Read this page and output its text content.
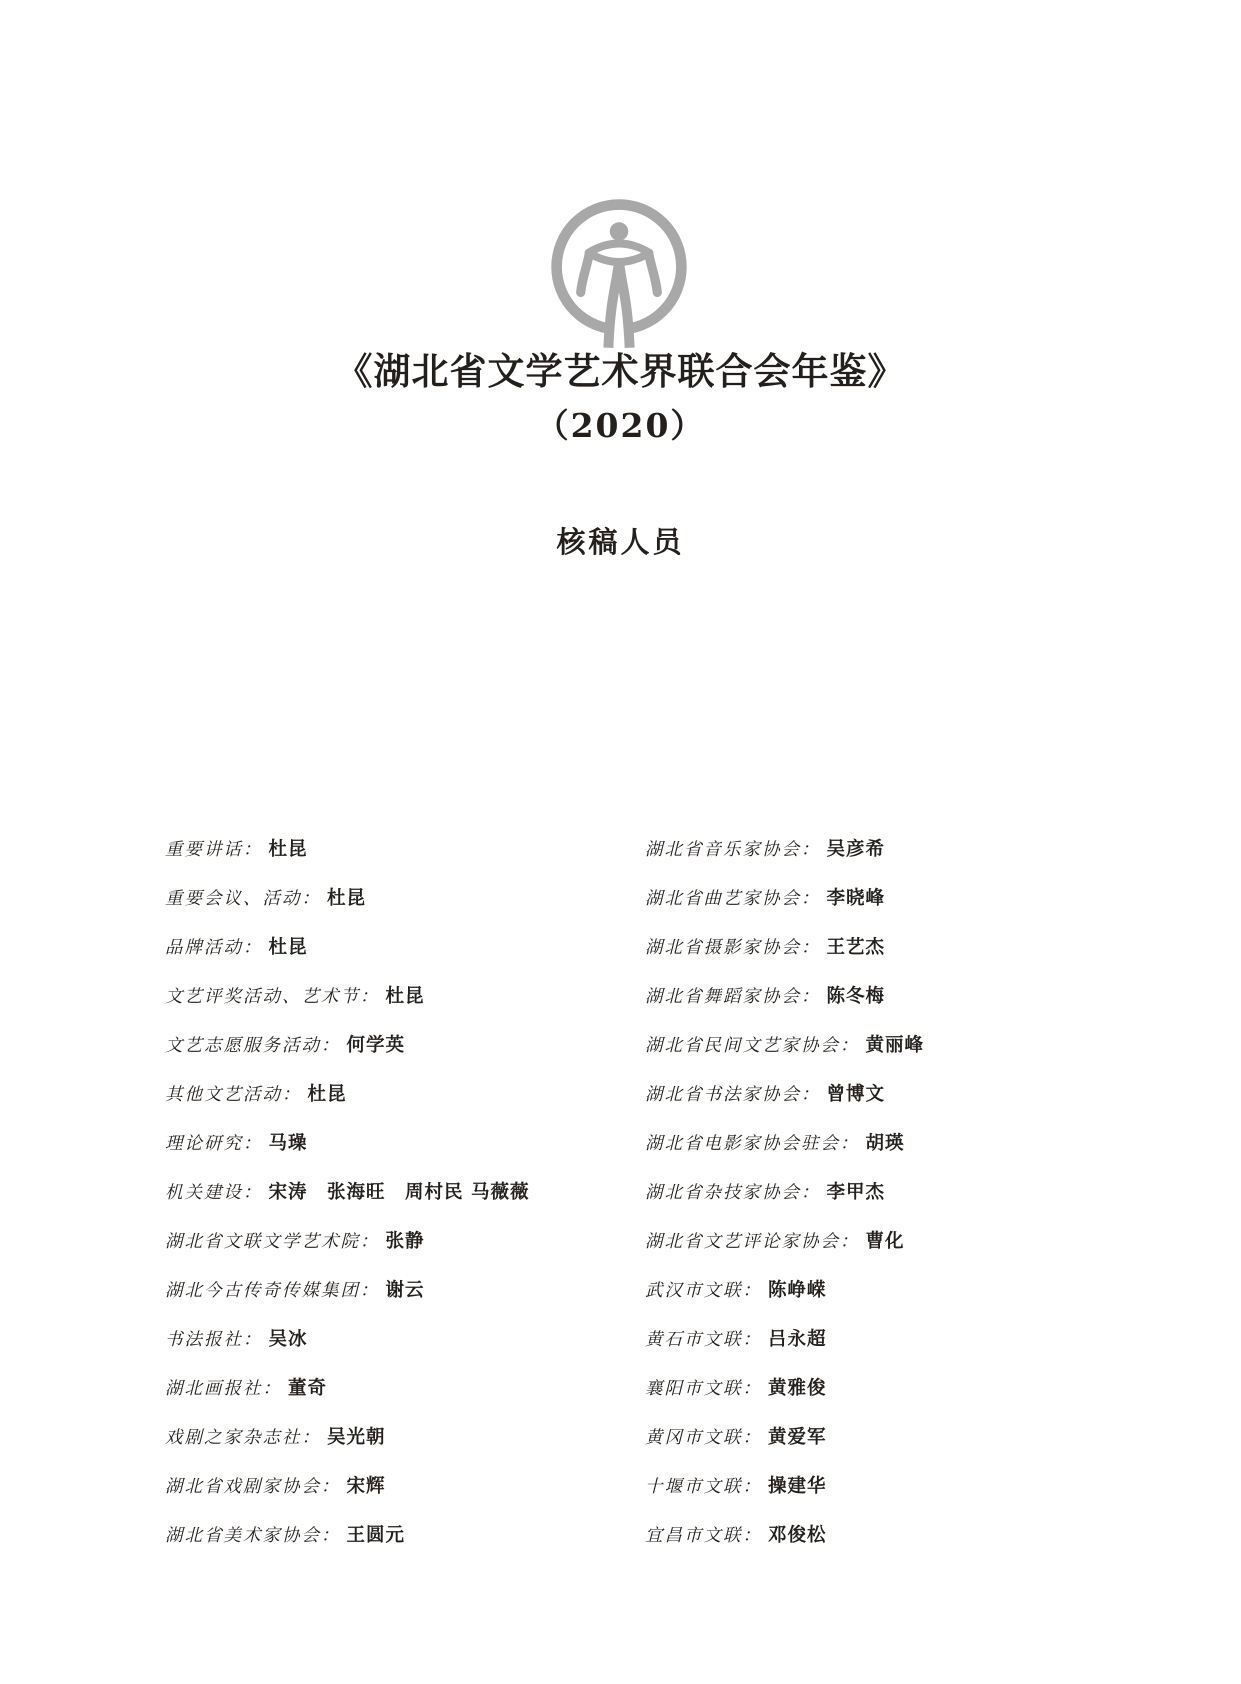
《湖北省文学艺术界联合会年鉴》
（2020）
核稿人员
重要讲话： 杜昆
重要会议、活动： 杜昆
品牌活动： 杜昆
文艺评奖活动、艺术节： 杜昆
文艺志愿服务活动： 何学英
其他文艺活动： 杜昆
理论研究： 马璪
机关建设： 宋涛　张海旺　周村民 马薇薇
湖北省文联文学艺术院： 张静
湖北今古传奇传媒集团： 谢云
书法报社： 吴冰
湖北画报社： 董奇
戏剧之家杂志社： 吴光朝
湖北省戏剧家协会： 宋辉
湖北省美术家协会： 王圆元
湖北省音乐家协会： 吴彦希
湖北省曲艺家协会： 李晓峰
湖北省摄影家协会： 王艺杰
湖北省舞蹈家协会： 陈冬梅
湖北省民间文艺家协会： 黄丽峰
湖北省书法家协会： 曾博文
湖北省电影家协会驻会： 胡瑛
湖北省杂技家协会： 李甲杰
湖北省文艺评论家协会： 曹化
武汉市文联： 陈峥嵘
黄石市文联： 吕永超
襄阳市文联： 黄雅俊
黄冈市文联： 黄爱军
十堰市文联： 操建华
宜昌市文联： 邓俊松
